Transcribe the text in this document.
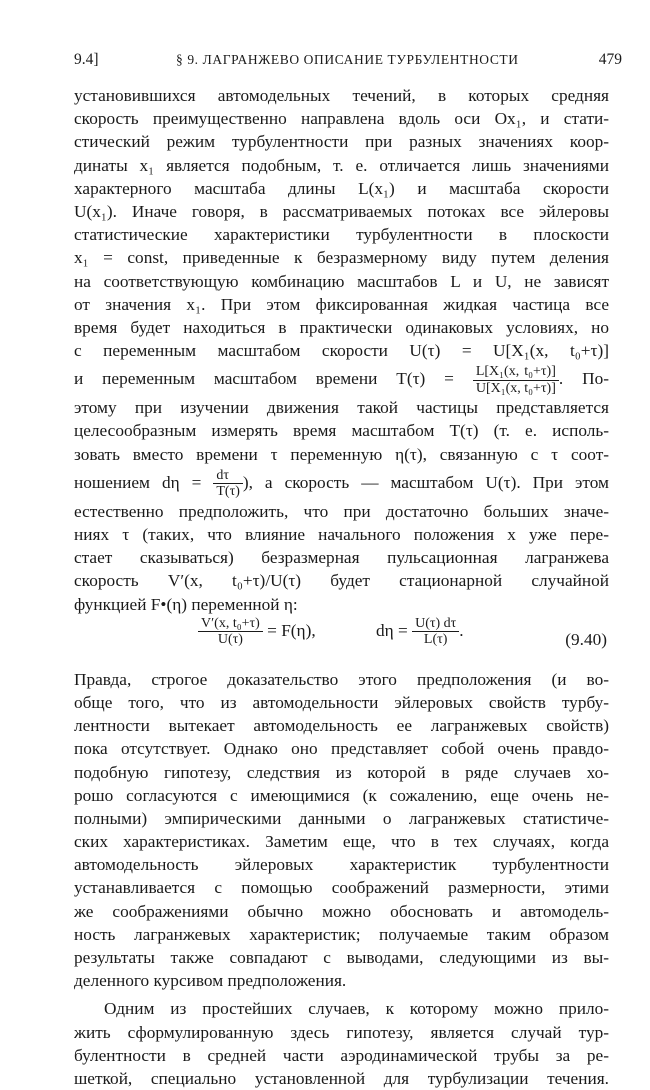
9.4]	§ 9. ЛАГРАНЖЕВО ОПИСАНИЕ ТУРБУЛЕНТНОСТИ	479
установившихся автомодельных течений, в которых средняя
скорость преимущественно направлена вдоль оси Ox₁, и стати-
стический режим турбулентности при разных значениях коор-
динаты x₁ является подобным, т. е. отличается лишь значениями
характерного масштаба длины L(x₁) и масштаба скорости
U(x₁). Иначе говоря, в рассматриваемых потоках все эйлеровы
статистические характеристики турбулентности в плоскости
x₁ = const, приведенные к безразмерному виду путем деления
на соответствующую комбинацию масштабов L и U, не зависят
от значения x₁. При этом фиксированная жидкая частица все
время будет находиться в практически одинаковых условиях, но
с переменным масштабом скорости U(τ) = U[X₁(x, t₀+τ)]
и переменным масштабом времени $T(\tau) = \frac{\text{L[X₁(x, t₀+τ)]}}{\text{U[X₁(x, t₀+τ)]}}$ . По-
этому при изучении движения такой частицы представляется
целесообразным измерять время масштабом T(τ) (т. е. исполь-
зовать вместо времени τ переменную η(τ), связанную с τ соот-
ношением $d\eta = \frac{d\tau}{T(\tau)}$ ), а скорость — масштабом U(τ). При этом
естественно предположить, что при достаточно больших значе-
ниях τ (таких, что влияние начального положения x уже пере-
стает сказываться) безразмерная пульсационная лагранжева
скорость V′(x, t₀+τ)/U(τ) будет стационарной случайной
функцией F•(η) переменной η:
$\frac{\text{V′(x, t₀+τ)}}{U(\tau)} = F(\eta)$,	$d\eta = \frac{U(\tau) d\tau}{L(\tau)}$ .	(9.40)
Правда, строгое доказательство этого предположения (и во-
обще того, что из автомодельности эйлеровых свойств турбу-
лентности вытекает автомодельность ее лагранжевых свойств)
пока отсутствует. Однако оно представляет собой очень правдо-
подобную гипотезу, следствия из которой в ряде случаев хо-
рошо согласуются с имеющимися (к сожалению, еще очень не-
полными) эмпирическими данными о лагранжевых статистиче-
ских характеристиках. Заметим еще, что в тех случаях, когда
автомодельность эйлеровых характеристик турбулентности
устанавливается с помощью соображений размерности, этими
же соображениями обычно можно обосновать и автомодель-
ность лагранжевых характеристик; получаемые таким образом
результаты также совпадают с выводами, следующими из вы-
деленного курсивом предположения.
Одним из простейших случаев, к которому можно прило-
жить сформулированную здесь гипотезу, является случай тур-
булентности в средней части аэродинамической трубы за ре-
шеткой, специально установленной для турбулизации течения.
